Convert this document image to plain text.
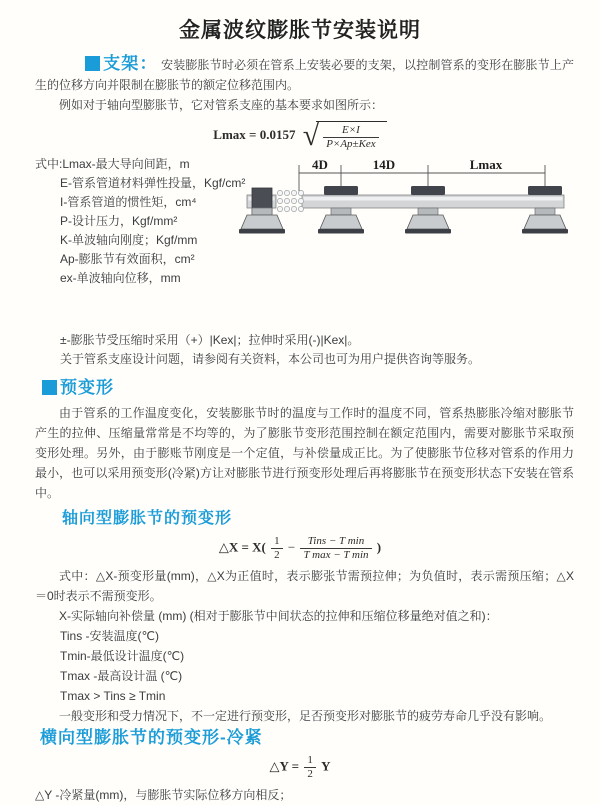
金属波纹膨胀节安装说明

支架： 安装膨胀节时必须在管系上安装必要的支架，以控制管系的变形在膨胀节上产生的位移方向并限制在膨胀节的额定位移范围内。

例如对于轴向型膨胀节，它对管系支座的基本要求如图所示：

Lmax = 0.0157 √ $\frac{E\times I}{\text{P×Ap±Kex}}$
式中:Lmax-最大导向间距，m
E-管系管道材料弹性投量，Kgf/cm²
I-管系管道的惯性矩，cm⁴
P-设计压力，Kgf/mm²
K-单波轴向刚度；Kgf/mm
Ap-膨胀节有效面积，cm²
ex-单波轴向位移，mm
4D	14D	Lmax
±-膨胀节受压缩时采用（+）|Kex|；拉伸时采用(-)|Kex|。
关于管系支座设计问题，请参阅有关资料，本公司也可为用户提供咨询等服务。
预变形

由于管系的工作温度变化，安装膨胀节时的温度与工作时的温度不同，管系热膨胀冷缩对膨胀节产生的拉伸、压缩量常常是不均等的，为了膨胀节变形范围控制在额定范围内，需要对膨胀节采取预变形处理。另外，由于膨账节刚度是一个定值，与补偿量成正比。为了使膨胀节位移对管系的作用力最小，也可以采用预变形(冷紧)方让对膨胀节进行预变形处理后再将膨胀节在预变形状态下安装在管系中。

轴向型膨胀节的预变形
△X = $X( \frac{1}{2} - \frac{\text{Tins − T min}}{\text{T max − T min}}$ )

式中：△X-预变形量(mm)，△X为正值时，表示膨张节需预拉伸；为负值时，表示需预压缩；△X＝0时表示不需预变形。

X-实际轴向补偿量 (mm) (相对于膨胀节中间状态的拉伸和压缩位移量绝对值之和)：

Tins -安装温度(℃)
Tmin-最低设计温度(℃)
Tmax -最高设计温 (℃)
Tmax > Tins ≥ Tmin

一般变形和受力情况下，不一定进行预变形，足否预变形对膨胀节的疲劳寿命几乎没有影响。

横向型膨胀节的预变形-冷紧
△Y = $\frac{1}{2}$ Y

△Y -冷紧量(mm)，与膨胀节实际位移方向相反；
